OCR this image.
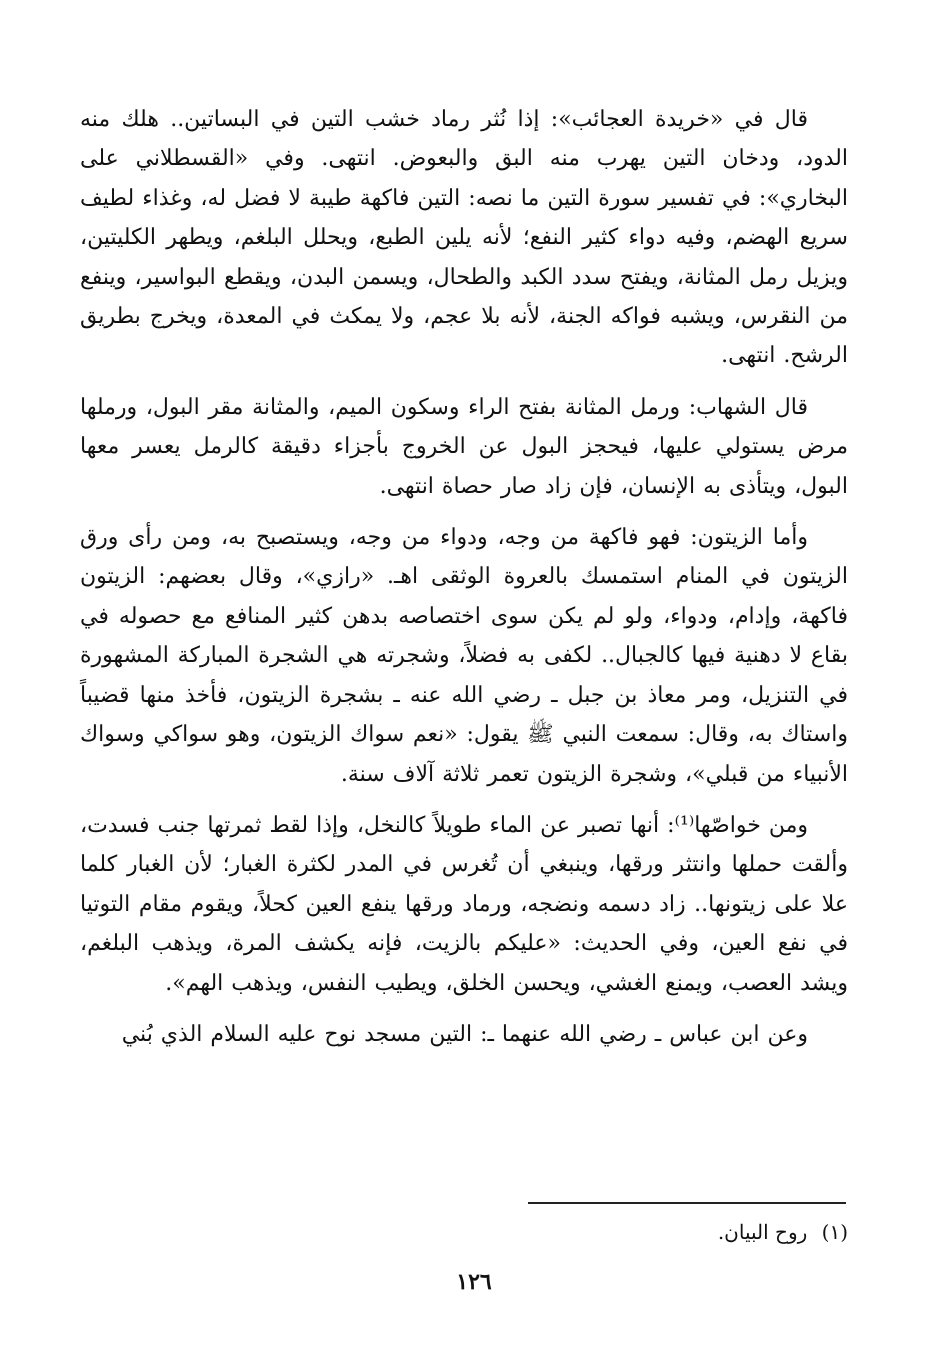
قال في «خريدة العجائب»: إذا نُثر رماد خشب التين في البساتين.. هلك منه الدود، ودخان التين يهرب منه البق والبعوض. انتهى. وفي «القسطلاني على البخاري»: في تفسير سورة التين ما نصه: التين فاكهة طيبة لا فضل له، وغذاء لطيف سريع الهضم، وفيه دواء كثير النفع؛ لأنه يلين الطبع، ويحلل البلغم، ويطهر الكليتين، ويزيل رمل المثانة، ويفتح سدد الكبد والطحال، ويسمن البدن، ويقطع البواسير، وينفع من النقرس، ويشبه فواكه الجنة، لأنه بلا عجم، ولا يمكث في المعدة، ويخرج بطريق الرشح. انتهى.

قال الشهاب: ورمل المثانة بفتح الراء وسكون الميم، والمثانة مقر البول، ورملها مرض يستولي عليها، فيحجز البول عن الخروج بأجزاء دقيقة كالرمل يعسر معها البول، ويتأذى به الإنسان، فإن زاد صار حصاة انتهى.

وأما الزيتون: فهو فاكهة من وجه، ودواء من وجه، ويستصبح به، ومن رأى ورق الزيتون في المنام استمسك بالعروة الوثقى اهـ. «رازي»، وقال بعضهم: الزيتون فاكهة، وإدام، ودواء، ولو لم يكن سوى اختصاصه بدهن كثير المنافع مع حصوله في بقاع لا دهنية فيها كالجبال.. لكفى به فضلاً، وشجرته هي الشجرة المباركة المشهورة في التنزيل، ومر معاذ بن جبل ـ رضي الله عنه ـ بشجرة الزيتون، فأخذ منها قضيباً واستاك به، وقال: سمعت النبي ﷺ يقول: «نعم سواك الزيتون، وهو سواكي وسواك الأنبياء من قبلي»، وشجرة الزيتون تعمر ثلاثة آلاف سنة.

ومن خواصّها⁽¹⁾: أنها تصبر عن الماء طويلاً كالنخل، وإذا لقط ثمرتها جنب فسدت، وألقت حملها وانتثر ورقها، وينبغي أن تُغرس في المدر لكثرة الغبار؛ لأن الغبار كلما علا على زيتونها.. زاد دسمه ونضجه، ورماد ورقها ينفع العين كحلاً، ويقوم مقام التوتيا في نفع العين، وفي الحديث: «عليكم بالزيت، فإنه يكشف المرة، ويذهب البلغم، ويشد العصب، ويمنع الغشي، ويحسن الخلق، ويطيب النفس، ويذهب الهم».

وعن ابن عباس ـ رضي الله عنهما ـ: التين مسجد نوح عليه السلام الذي بُني

(١) روح البيان.
١٢٦
